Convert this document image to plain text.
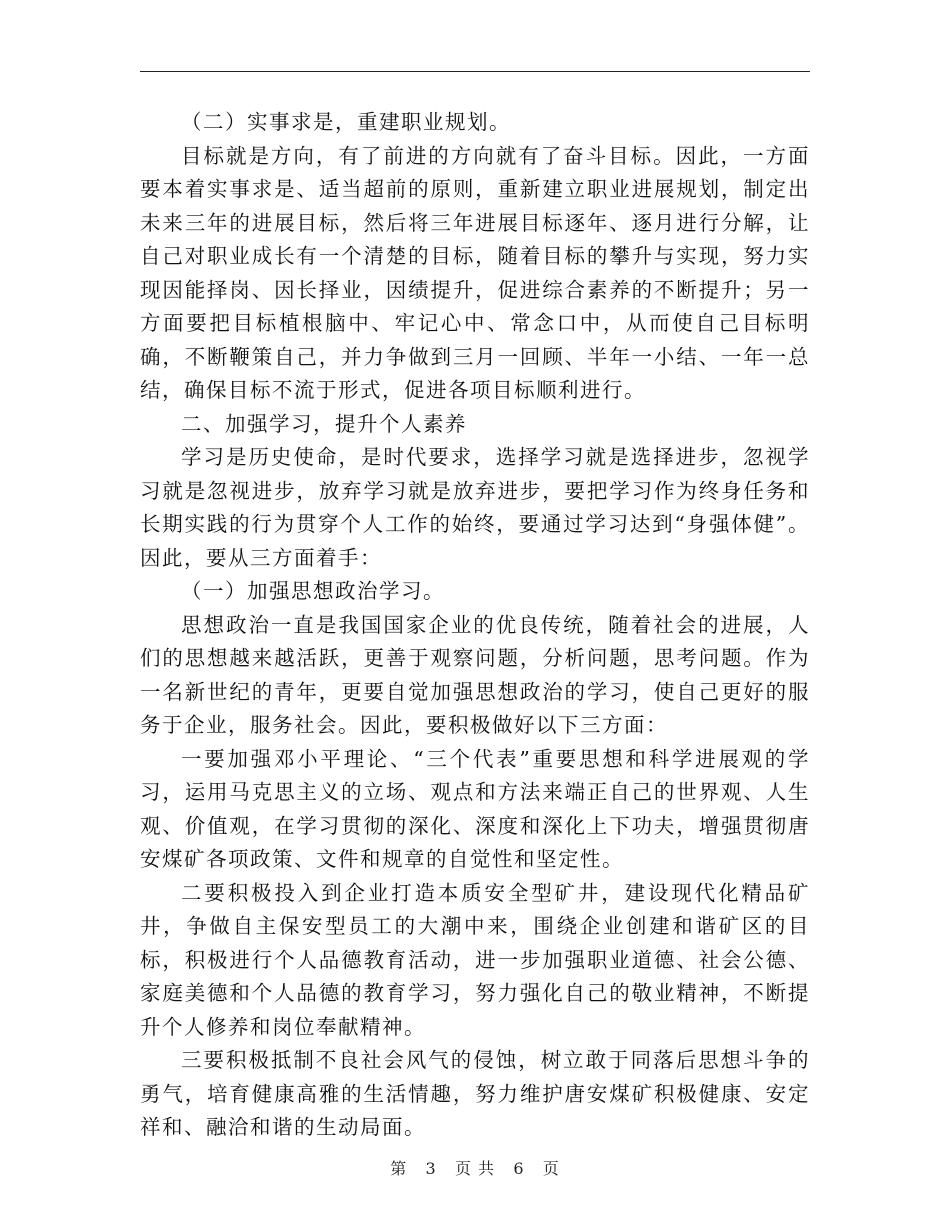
（二）实事求是，重建职业规划。

目标就是方向，有了前进的方向就有了奋斗目标。因此，一方面要本着实事求是、适当超前的原则，重新建立职业进展规划，制定出未来三年的进展目标，然后将三年进展目标逐年、逐月进行分解，让自己对职业成长有一个清楚的目标，随着目标的攀升与实现，努力实现因能择岗、因长择业，因绩提升，促进综合素养的不断提升；另一方面要把目标植根脑中、牢记心中、常念口中，从而使自己目标明确，不断鞭策自己，并力争做到三月一回顾、半年一小结、一年一总结，确保目标不流于形式，促进各项目标顺利进行。

二、加强学习，提升个人素养

学习是历史使命，是时代要求，选择学习就是选择进步，忽视学习就是忽视进步，放弃学习就是放弃进步，要把学习作为终身任务和长期实践的行为贯穿个人工作的始终，要通过学习达到“身强体健”。因此，要从三方面着手：

（一）加强思想政治学习。

思想政治一直是我国国家企业的优良传统，随着社会的进展，人们的思想越来越活跃，更善于观察问题，分析问题，思考问题。作为一名新世纪的青年，更要自觉加强思想政治的学习，使自己更好的服务于企业，服务社会。因此，要积极做好以下三方面：

一要加强邓小平理论、“三个代表”重要思想和科学进展观的学习，运用马克思主义的立场、观点和方法来端正自己的世界观、人生观、价值观，在学习贯彻的深化、深度和深化上下功夫，增强贯彻唐安煤矿各项政策、文件和规章的自觉性和坚定性。

二要积极投入到企业打造本质安全型矿井，建设现代化精品矿井，争做自主保安型员工的大潮中来，围绕企业创建和谐矿区的目标，积极进行个人品德教育活动，进一步加强职业道德、社会公德、家庭美德和个人品德的教育学习，努力强化自己的敬业精神，不断提升个人修养和岗位奉献精神。

三要积极抵制不良社会风气的侵蚀，树立敢于同落后思想斗争的勇气，培育健康高雅的生活情趣，努力维护唐安煤矿积极健康、安定祥和、融洽和谐的生动局面。

第 3 页 共 6 页
